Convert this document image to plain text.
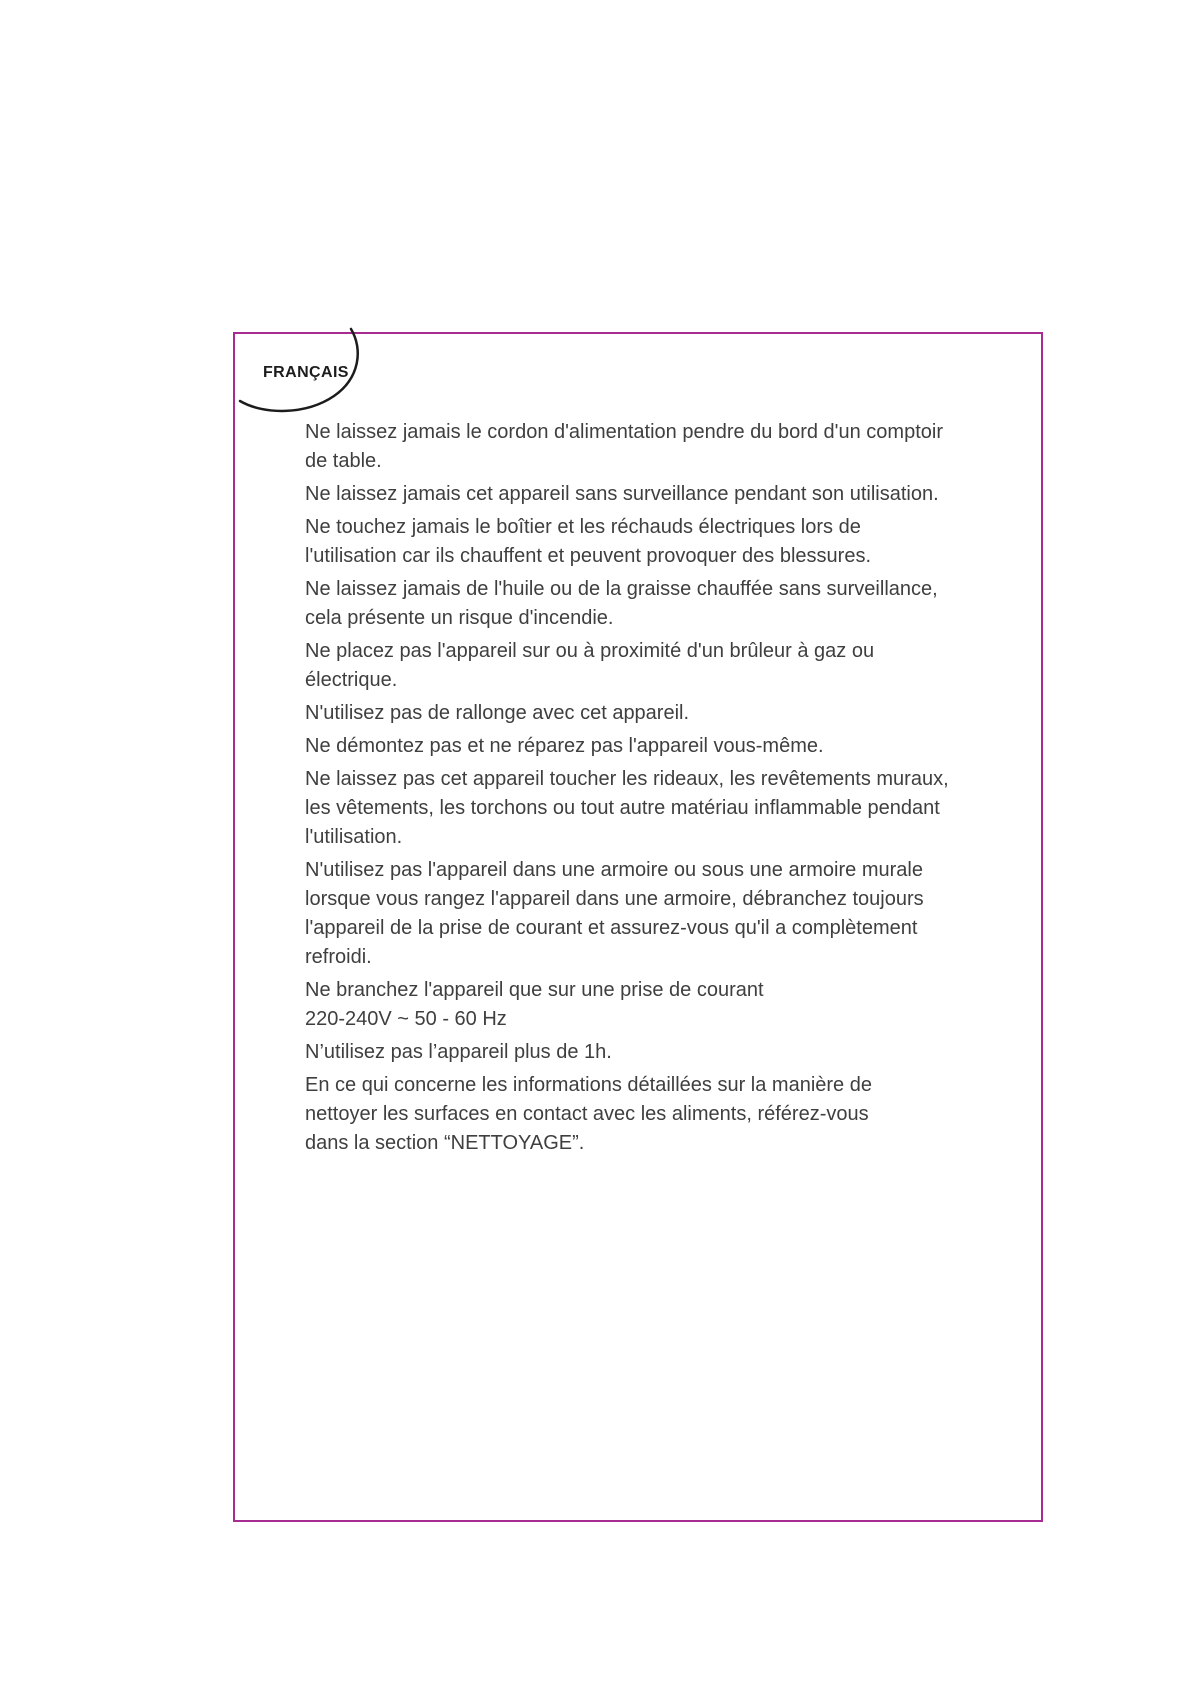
FRANÇAIS
Ne laissez jamais le cordon d'alimentation pendre du bord d'un comptoir
de table.
Ne laissez jamais cet appareil sans surveillance pendant son utilisation.
Ne touchez jamais le boîtier et les réchauds électriques lors de
l'utilisation car ils chauffent et peuvent provoquer des blessures.
Ne laissez jamais de l'huile ou de la graisse chauffée sans surveillance,
cela présente un risque d'incendie.
Ne placez pas l'appareil sur ou à proximité d'un brûleur à gaz ou
électrique.
N'utilisez pas de rallonge avec cet appareil.
Ne démontez pas et ne réparez pas l'appareil vous-même.
Ne laissez pas cet appareil toucher les rideaux, les revêtements muraux,
les vêtements, les torchons ou tout autre matériau inflammable pendant
l'utilisation.
N'utilisez pas l'appareil dans une armoire ou sous une armoire murale
lorsque vous rangez l'appareil dans une armoire, débranchez toujours
l'appareil de la prise de courant et assurez-vous qu'il a complètement
refroidi.
Ne branchez l'appareil que sur une prise de courant
220-240V ~ 50 - 60 Hz
N’utilisez pas l’appareil plus de 1h.
En ce qui concerne les informations détaillées sur la manière de
nettoyer les surfaces en contact avec les aliments, référez-vous
dans la section “NETTOYAGE”.
